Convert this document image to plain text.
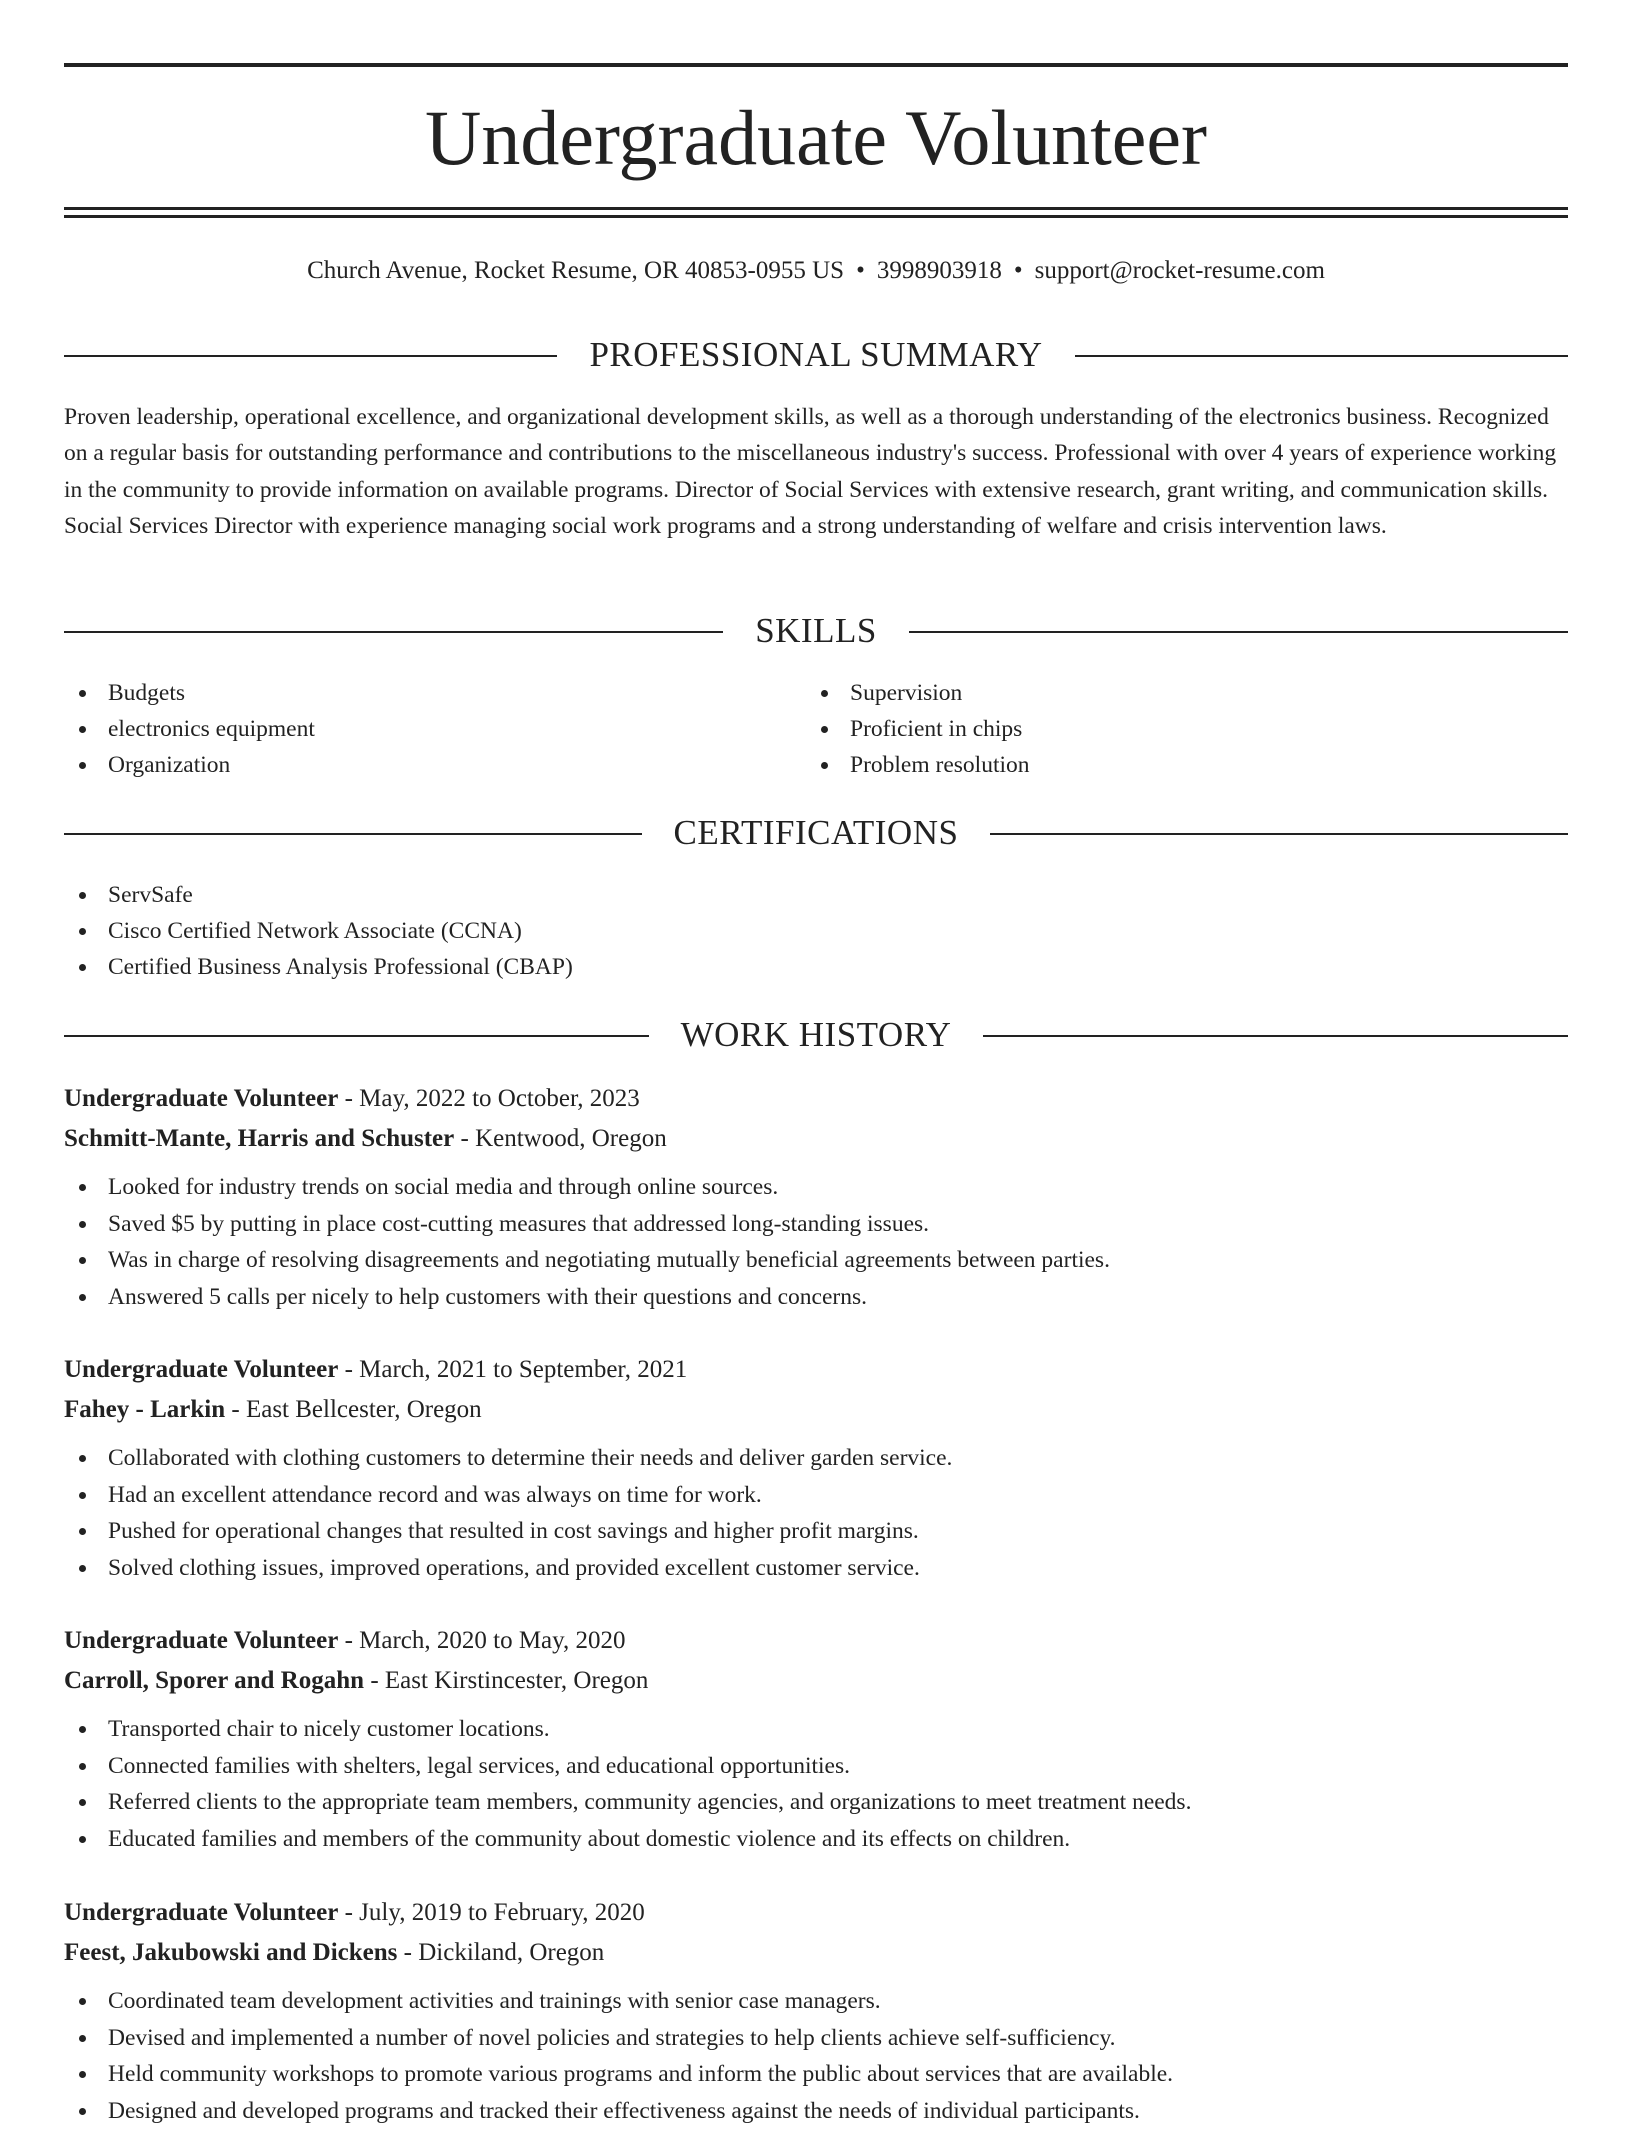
Undergraduate Volunteer
Church Avenue, Rocket Resume, OR 40853-0955 US • 3998903918 • support@rocket-resume.com
PROFESSIONAL SUMMARY

Proven leadership, operational excellence, and organizational development skills, as well as a thorough understanding of the electronics business. Recognized on a regular basis for outstanding performance and contributions to the miscellaneous industry's success. Professional with over 4 years of experience working in the community to provide information on available programs. Director of Social Services with extensive research, grant writing, and communication skills. Social Services Director with experience managing social work programs and a strong understanding of welfare and crisis intervention laws.

SKILLS
Budgets
electronics equipment
Organization
Supervision
Proficient in chips
Problem resolution
CERTIFICATIONS
ServSafe
Cisco Certified Network Associate (CCNA)
Certified Business Analysis Professional (CBAP)
WORK HISTORY

Undergraduate Volunteer - May, 2022 to October, 2023

Schmitt-Mante, Harris and Schuster - Kentwood, Oregon

Looked for industry trends on social media and through online sources.
Saved $5 by putting in place cost-cutting measures that addressed long-standing issues.
Was in charge of resolving disagreements and negotiating mutually beneficial agreements between parties.
Answered 5 calls per nicely to help customers with their questions and concerns.

Undergraduate Volunteer - March, 2021 to September, 2021

Fahey - Larkin - East Bellcester, Oregon

Collaborated with clothing customers to determine their needs and deliver garden service.
Had an excellent attendance record and was always on time for work.
Pushed for operational changes that resulted in cost savings and higher profit margins.
Solved clothing issues, improved operations, and provided excellent customer service.

Undergraduate Volunteer - March, 2020 to May, 2020

Carroll, Sporer and Rogahn - East Kirstincester, Oregon

Transported chair to nicely customer locations.
Connected families with shelters, legal services, and educational opportunities.
Referred clients to the appropriate team members, community agencies, and organizations to meet treatment needs.
Educated families and members of the community about domestic violence and its effects on children.

Undergraduate Volunteer - July, 2019 to February, 2020

Feest, Jakubowski and Dickens - Dickiland, Oregon

Coordinated team development activities and trainings with senior case managers.
Devised and implemented a number of novel policies and strategies to help clients achieve self-sufficiency.
Held community workshops to promote various programs and inform the public about services that are available.
Designed and developed programs and tracked their effectiveness against the needs of individual participants.
